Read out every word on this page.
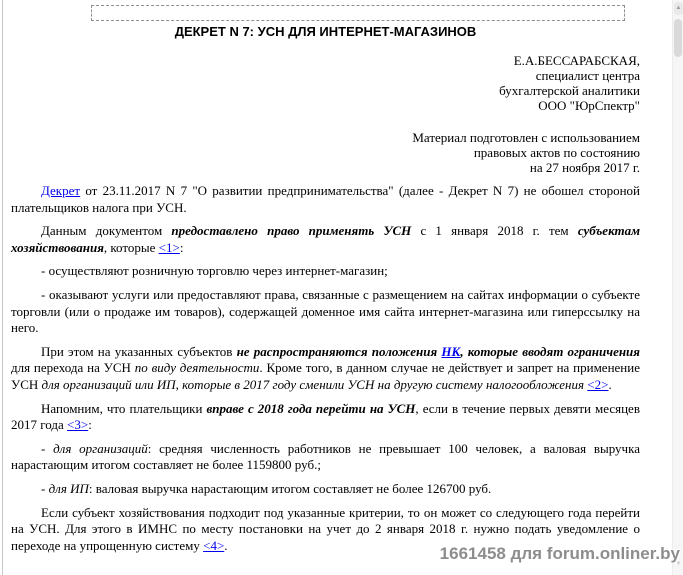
ДЕКРЕТ N 7: УСН ДЛЯ ИНТЕРНЕТ-МАГАЗИНОВ
Е.А.БЕССАРАБСКАЯ,
специалист центра
бухгалтерской аналитики
ООО "ЮрСпектр"
Материал подготовлен с использованием
правовых актов по состоянию
на 27 ноября 2017 г.

Декрет от 23.11.2017 N 7 "О развитии предпринимательства" (далее - Декрет N 7) не обошел стороной плательщиков налога при УСН.

Данным документом предоставлено право применять УСН с 1 января 2018 г. тем субъектам хозяйствования, которые <1>:

- осуществляют розничную торговлю через интернет-магазин;

- оказывают услуги или предоставляют права, связанные с размещением на сайтах информации о субъекте торговли (или о продаже им товаров), содержащей доменное имя сайта интернет-магазина или гиперссылку на него.

При этом на указанных субъектов не распространяются положения НК, которые вводят ограничения для перехода на УСН по виду деятельности. Кроме того, в данном случае не действует и запрет на применение УСН для организаций или ИП, которые в 2017 году сменили УСН на другую систему налогообложения <2>.

Напомним, что плательщики вправе с 2018 года перейти на УСН, если в течение первых девяти месяцев 2017 года <3>:

- для организаций: средняя численность работников не превышает 100 человек, а валовая выручка нарастающим итогом составляет не более 1159800 руб.;

- для ИП: валовая выручка нарастающим итогом составляет не более 126700 руб.

Если субъект хозяйствования подходит под указанные критерии, то он может со следующего года перейти на УСН. Для этого в ИМНС по месту постановки на учет до 2 января 2018 г. нужно подать уведомление о переходе на упрощенную систему <4>.	1661458 для forum.onliner.by
▲
▼
